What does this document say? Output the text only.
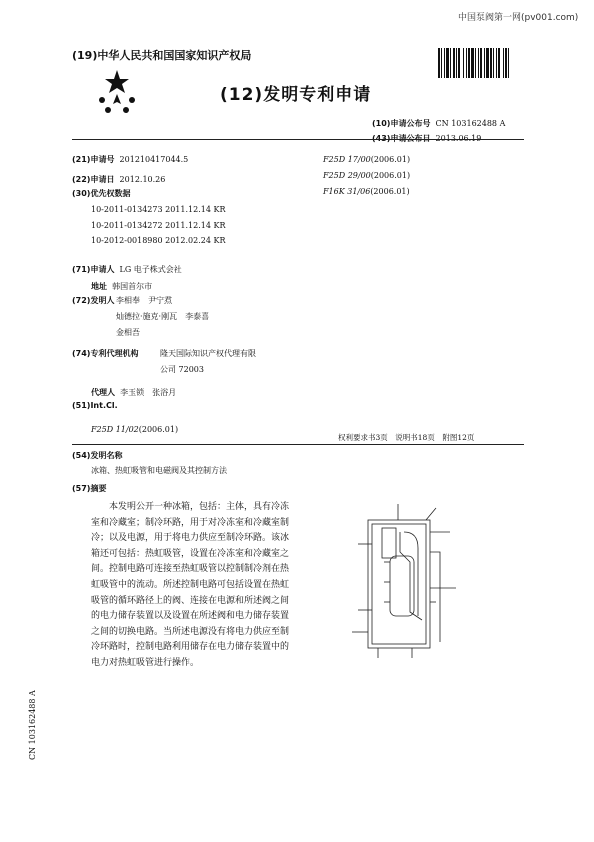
中国泵阀第一网(pv001.com)
(19)中华人民共和国国家知识产权局
(12)发明专利申请
(10)申请公布号 CN 103162488 A
(43)申请公布日 2013.06.19
(21)申请号 201210417044.5
(22)申请日 2012.10.26
(30)优先权数据
10-2011-0134273 2011.12.14 KR
10-2011-0134272 2011.12.14 KR
10-2012-0018980 2012.02.24 KR
(71)申请人 LG 电子株式会社
地址 韩国首尔市
(72)发明人 李相奉　尹宁焄
灿德拉·施克·刚瓦　李泰喜
金相吾
(74)专利代理机构	隆天国际知识产权代理有限
公司 72003
代理人 李玉锁　张浴月
(51)Int.Cl.
F25D 11/02(2006.01)
F25D 17/00(2006.01)
F25D 29/00(2006.01)
F16K 31/06(2006.01)
权利要求书3页　说明书18页　附图12页
(54)发明名称
冰箱、热虹吸管和电磁阀及其控制方法
(57)摘要
本发明公开一种冰箱，包括：主体，具有冷冻室和冷藏室；制冷环路，用于对冷冻室和冷藏室制冷；以及电源，用于将电力供应至制冷环路。该冰箱还可包括：热虹吸管，设置在冷冻室和冷藏室之间。控制电路可连接至热虹吸管以控制制冷剂在热虹吸管中的流动。所述控制电路可包括设置在热虹吸管的循环路径上的阀、连接在电源和所述阀之间的电力储存装置以及设置在所述阀和电力储存装置之间的切换电路。当所述电源没有将电力供应至制冷环路时，控制电路利用储存在电力储存装置中的电力对热虹吸管进行操作。
CN 103162488 A
